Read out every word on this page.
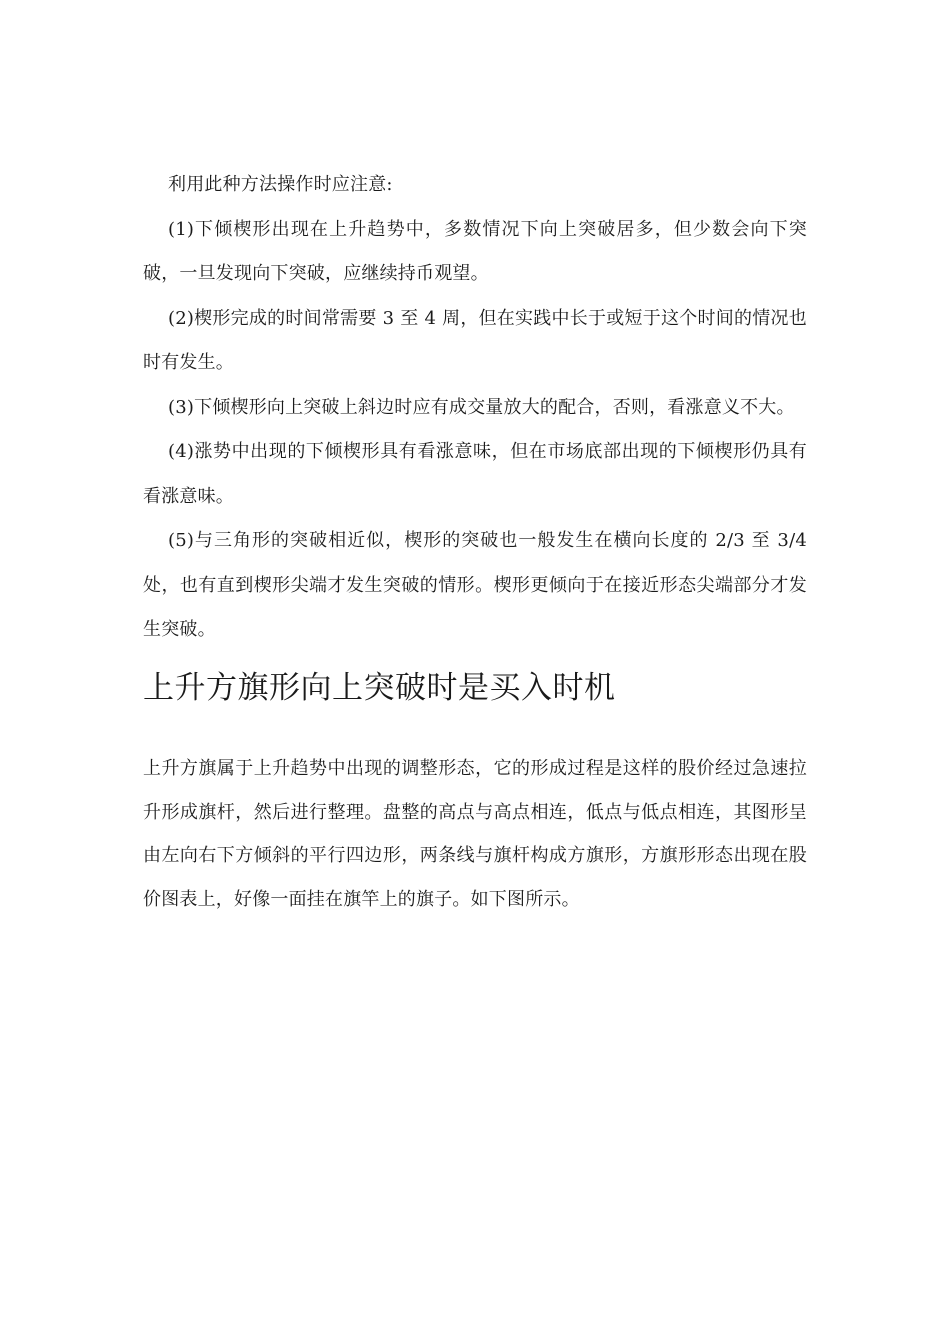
利用此种方法操作时应注意:

(1)下倾楔形出现在上升趋势中，多数情况下向上突破居多，但少数会向下突破，一旦发现向下突破，应继续持币观望。

(2)楔形完成的时间常需要 3 至 4 周，但在实践中长于或短于这个时间的情况也时有发生。

(3)下倾楔形向上突破上斜边时应有成交量放大的配合，否则，看涨意义不大。

(4)涨势中出现的下倾楔形具有看涨意味，但在市场底部出现的下倾楔形仍具有看涨意味。

(5)与三角形的突破相近似，楔形的突破也一般发生在横向长度的 2/3 至 3/4 处，也有直到楔形尖端才发生突破的情形。楔形更倾向于在接近形态尖端部分才发生突破。

上升方旗形向上突破时是买入时机

上升方旗属于上升趋势中出现的调整形态，它的形成过程是这样的股价经过急速拉升形成旗杆，然后进行整理。盘整的高点与高点相连，低点与低点相连，其图形呈由左向右下方倾斜的平行四边形，两条线与旗杆构成方旗形，方旗形形态出现在股价图表上，好像一面挂在旗竿上的旗子。如下图所示。
